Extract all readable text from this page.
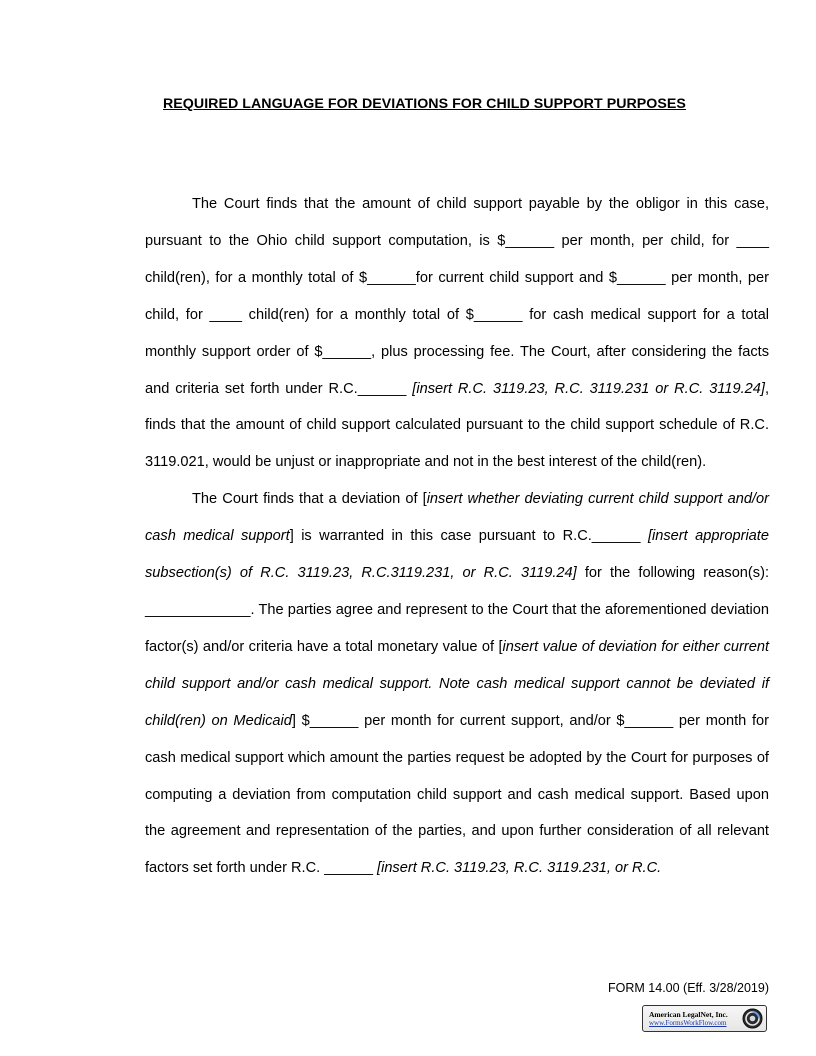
REQUIRED LANGUAGE FOR DEVIATIONS FOR CHILD SUPPORT PURPOSES

The Court finds that the amount of child support payable by the obligor in this case, pursuant to the Ohio child support computation, is $______ per month, per child, for ____ child(ren), for a monthly total of $______for current child support and $______ per month, per child, for ____ child(ren) for a monthly total of $______ for cash medical support for a total monthly support order of $______, plus processing fee. The Court, after considering the facts and criteria set forth under R.C.______ [insert R.C. 3119.23, R.C. 3119.231 or R.C. 3119.24], finds that the amount of child support calculated pursuant to the child support schedule of R.C. 3119.021, would be unjust or inappropriate and not in the best interest of the child(ren).

The Court finds that a deviation of [insert whether deviating current child support and/or cash medical support] is warranted in this case pursuant to R.C.______ [insert appropriate subsection(s) of R.C. 3119.23, R.C.3119.231, or R.C. 3119.24] for the following reason(s): _____________. The parties agree and represent to the Court that the aforementioned deviation factor(s) and/or criteria have a total monetary value of [insert value of deviation for either current child support and/or cash medical support. Note cash medical support cannot be deviated if child(ren) on Medicaid] $______ per month for current support, and/or $______ per month for cash medical support which amount the parties request be adopted by the Court for purposes of computing a deviation from computation child support and cash medical support. Based upon the agreement and representation of the parties, and upon further consideration of all relevant factors set forth under R.C. ______ [insert R.C. 3119.23, R.C. 3119.231, or R.C.

FORM 14.00 (Eff. 3/28/2019)
American LegalNet, Inc.
www.FormsWorkFlow.com
